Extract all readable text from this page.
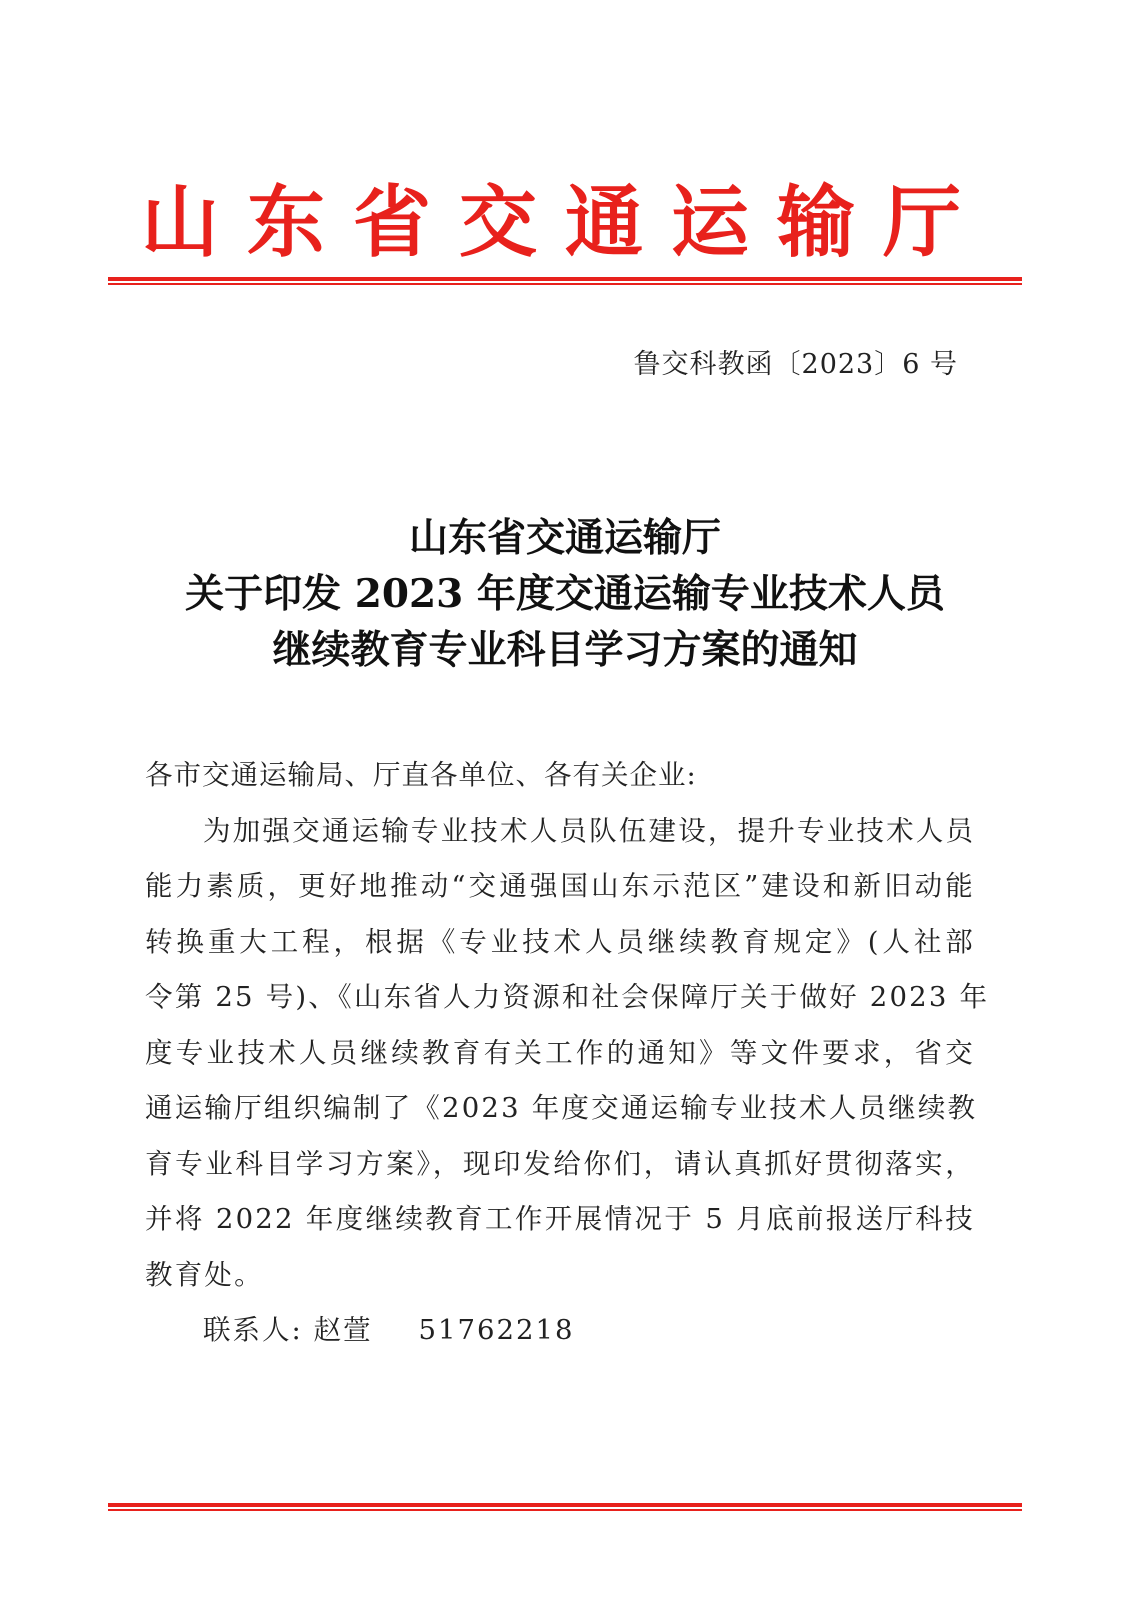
山东省交通运输厅
鲁交科教函〔2023〕6 号
山东省交通运输厅
关于印发 2023 年度交通运输专业技术人员
继续教育专业科目学习方案的通知
各市交通运输局、厅直各单位、各有关企业:
为加强交通运输专业技术人员队伍建设，提升专业技术人员
能力素质，更好地推动“交通强国山东示范区”建设和新旧动能
转换重大工程，根据《专业技术人员继续教育规定》(人社部
令第 25 号)、《山东省人力资源和社会保障厅关于做好 2023 年
度专业技术人员继续教育有关工作的通知》等文件要求，省交
通运输厅组织编制了《2023 年度交通运输专业技术人员继续教
育专业科目学习方案》，现印发给你们，请认真抓好贯彻落实，
并将 2022 年度继续教育工作开展情况于 5 月底前报送厅科技
教育处。
联系人: 赵萱 51762218
